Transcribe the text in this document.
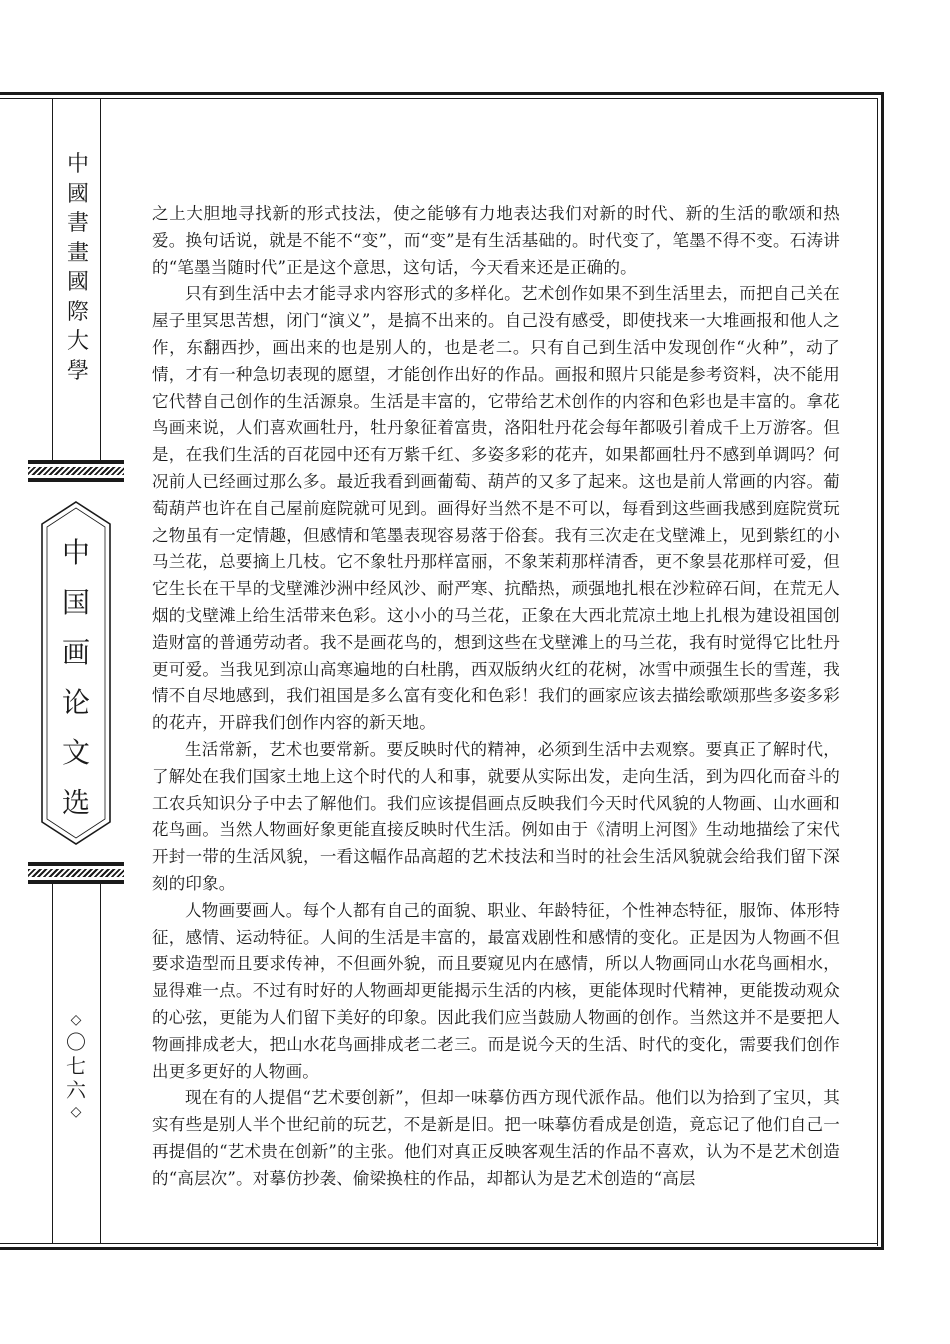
中
國
書
畫
國
際
大
學
中
国
画
论
文
选
◇
〇
七
六
◇

之上大胆地寻找新的形式技法，使之能够有力地表达我们对新的时代、新的生活的歌颂和热爱。换句话说，就是不能不“变”，而“变”是有生活基础的。时代变了，笔墨不得不变。石涛讲的“笔墨当随时代”正是这个意思，这句话，今天看来还是正确的。

只有到生活中去才能寻求内容形式的多样化。艺术创作如果不到生活里去，而把自己关在屋子里冥思苦想，闭门“演义”，是搞不出来的。自己没有感受，即使找来一大堆画报和他人之作，东翻西抄，画出来的也是别人的，也是老二。只有自己到生活中发现创作“火种”，动了情，才有一种急切表现的愿望，才能创作出好的作品。画报和照片只能是参考资料，决不能用它代替自己创作的生活源泉。生活是丰富的，它带给艺术创作的内容和色彩也是丰富的。拿花鸟画来说，人们喜欢画牡丹，牡丹象征着富贵，洛阳牡丹花会每年都吸引着成千上万游客。但是，在我们生活的百花园中还有万紫千红、多姿多彩的花卉，如果都画牡丹不感到单调吗？何况前人已经画过那么多。最近我看到画葡萄、葫芦的又多了起来。这也是前人常画的内容。葡萄葫芦也许在自己屋前庭院就可见到。画得好当然不是不可以，每看到这些画我感到庭院赏玩之物虽有一定情趣，但感情和笔墨表现容易落于俗套。我有三次走在戈壁滩上，见到紫红的小马兰花，总要摘上几枝。它不象牡丹那样富丽，不象茉莉那样清香，更不象昙花那样可爱，但它生长在干旱的戈壁滩沙洲中经风沙、耐严寒、抗酷热，顽强地扎根在沙粒碎石间，在荒无人烟的戈壁滩上给生活带来色彩。这小小的马兰花，正象在大西北荒凉土地上扎根为建设祖国创造财富的普通劳动者。我不是画花鸟的，想到这些在戈壁滩上的马兰花，我有时觉得它比牡丹更可爱。当我见到凉山高寒遍地的白杜鹃，西双版纳火红的花树，冰雪中顽强生长的雪莲，我情不自尽地感到，我们祖国是多么富有变化和色彩！我们的画家应该去描绘歌颂那些多姿多彩的花卉，开辟我们创作内容的新天地。

生活常新，艺术也要常新。要反映时代的精神，必须到生活中去观察。要真正了解时代，了解处在我们国家土地上这个时代的人和事，就要从实际出发，走向生活，到为四化而奋斗的工农兵知识分子中去了解他们。我们应该提倡画点反映我们今天时代风貌的人物画、山水画和花鸟画。当然人物画好象更能直接反映时代生活。例如由于《清明上河图》生动地描绘了宋代开封一带的生活风貌，一看这幅作品高超的艺术技法和当时的社会生活风貌就会给我们留下深刻的印象。

人物画要画人。每个人都有自己的面貌、职业、年龄特征，个性神态特征，服饰、体形特征，感情、运动特征。人间的生活是丰富的，最富戏剧性和感情的变化。正是因为人物画不但要求造型而且要求传神，不但画外貌，而且要窥见内在感情，所以人物画同山水花鸟画相水，显得难一点。不过有时好的人物画却更能揭示生活的内核，更能体现时代精神，更能拨动观众的心弦，更能为人们留下美好的印象。因此我们应当鼓励人物画的创作。当然这并不是要把人物画排成老大，把山水花鸟画排成老二老三。而是说今天的生活、时代的变化，需要我们创作出更多更好的人物画。

现在有的人提倡“艺术要创新”，但却一味摹仿西方现代派作品。他们以为拾到了宝贝，其实有些是别人半个世纪前的玩艺，不是新是旧。把一味摹仿看成是创造，竟忘记了他们自己一再提倡的“艺术贵在创新”的主张。他们对真正反映客观生活的作品不喜欢，认为不是艺术创造的“高层次”。对摹仿抄袭、偷梁换柱的作品，却都认为是艺术创造的“高层
